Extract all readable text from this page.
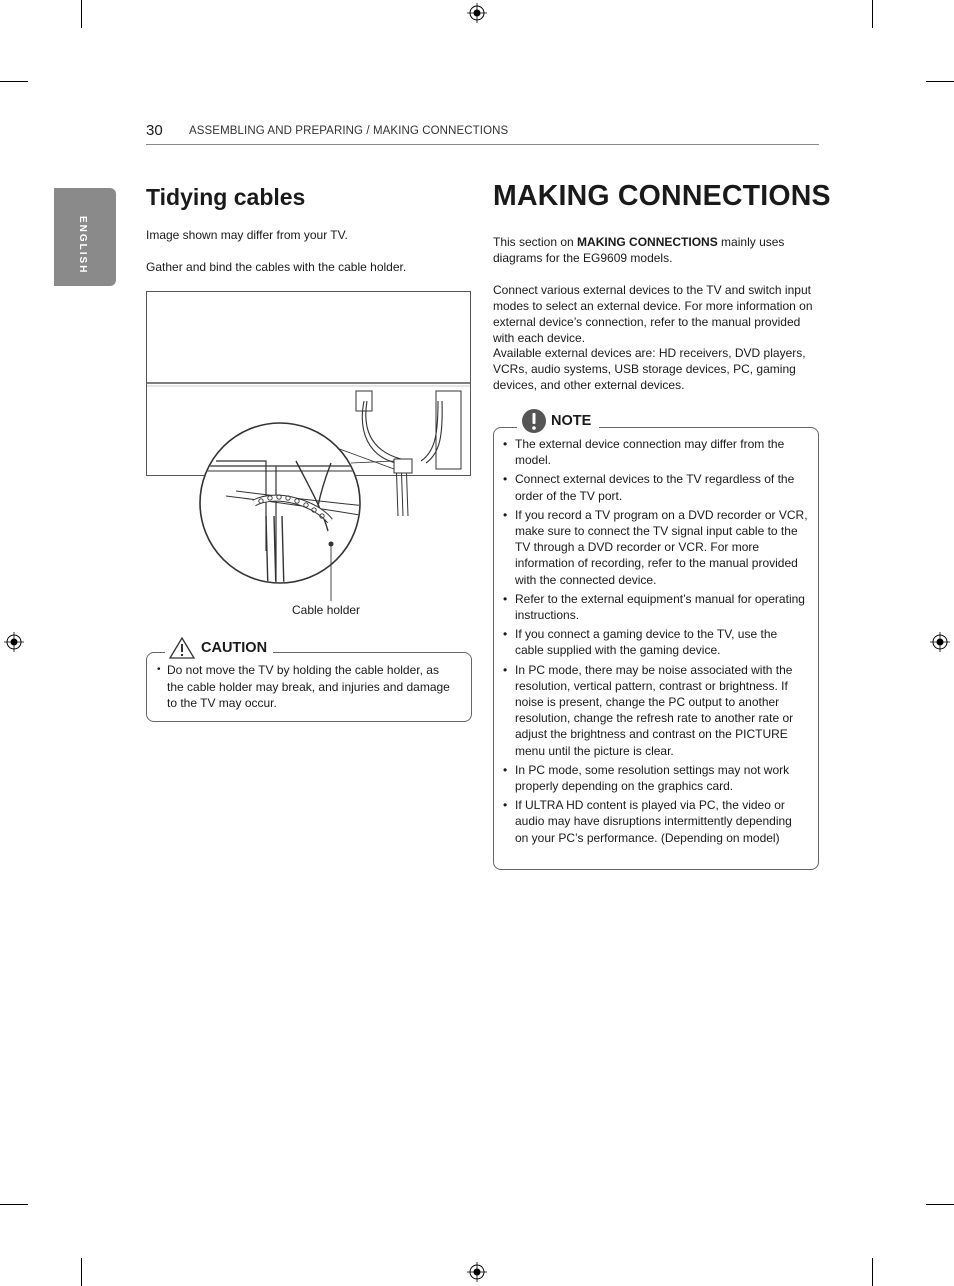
30 ASSEMBLING AND PREPARING / MAKING CONNECTIONS
ENGLISH
Tidying cables

Image shown may differ from your TV.

Gather and bind the cables with the cable holder.

Cable holder
CAUTION
• Do not move the TV by holding the cable holder, as the cable holder may break, and injuries and damage to the TV may occur.
MAKING CONNECTIONS

This section on MAKING CONNECTIONS mainly uses diagrams for the EG9609 models.

Connect various external devices to the TV and switch input modes to select an external device. For more information on external device’s connection, refer to the manual provided with each device.

Available external devices are: HD receivers, DVD players, VCRs, audio systems, USB storage devices, PC, gaming devices, and other external devices.

NOTE
• The external device connection may differ from the model.
• Connect external devices to the TV regardless of the order of the TV port.
• If you record a TV program on a DVD recorder or VCR, make sure to connect the TV signal input cable to the TV through a DVD recorder or VCR. For more information of recording, refer to the manual provided with the connected device.
• Refer to the external equipment’s manual for operating instructions.
• If you connect a gaming device to the TV, use the cable supplied with the gaming device.
• In PC mode, there may be noise associated with the resolution, vertical pattern, contrast or brightness. If noise is present, change the PC output to another resolution, change the refresh rate to another rate or adjust the brightness and contrast on the PICTURE menu until the picture is clear.
• In PC mode, some resolution settings may not work properly depending on the graphics card.
• If ULTRA HD content is played via PC, the video or audio may have disruptions intermittently depending on your PC’s performance. (Depending on model)
